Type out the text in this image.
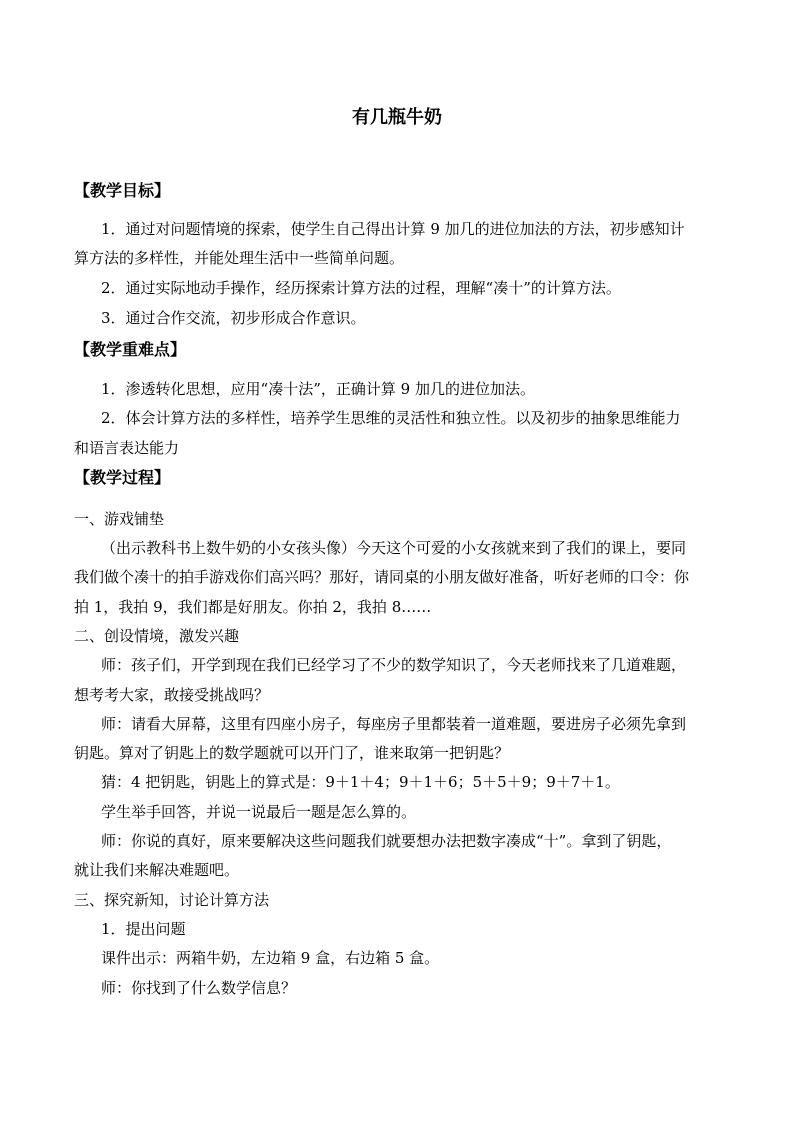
有几瓶牛奶
【教学目标】
1．通过对问题情境的探索，使学生自己得出计算 9 加几的进位加法的方法，初步感知计
算方法的多样性，并能处理生活中一些简单问题。
2．通过实际地动手操作，经历探索计算方法的过程，理解“凑十”的计算方法。
3．通过合作交流，初步形成合作意识。
【教学重难点】
1．渗透转化思想，应用“凑十法”，正确计算 9 加几的进位加法。
2．体会计算方法的多样性，培养学生思维的灵活性和独立性。以及初步的抽象思维能力
和语言表达能力
【教学过程】
一、游戏铺垫
（出示教科书上数牛奶的小女孩头像）今天这个可爱的小女孩就来到了我们的课上，要同
我们做个凑十的拍手游戏你们高兴吗？那好，请同桌的小朋友做好准备，听好老师的口令：你
拍 1，我拍 9，我们都是好朋友。你拍 2，我拍 8……
二、创设情境，激发兴趣
师：孩子们，开学到现在我们已经学习了不少的数学知识了，今天老师找来了几道难题，
想考考大家，敢接受挑战吗？
师：请看大屏幕，这里有四座小房子，每座房子里都装着一道难题，要进房子必须先拿到
钥匙。算对了钥匙上的数学题就可以开门了，谁来取第一把钥匙？
猜：4 把钥匙，钥匙上的算式是：9＋1＋4；9＋1＋6；5＋5＋9；9＋7＋1。
学生举手回答，并说一说最后一题是怎么算的。
师：你说的真好，原来要解决这些问题我们就要想办法把数字凑成“十”。拿到了钥匙，
就让我们来解决难题吧。
三、探究新知，讨论计算方法
1．提出问题
课件出示：两箱牛奶，左边箱 9 盒，右边箱 5 盒。
师：你找到了什么数学信息？
